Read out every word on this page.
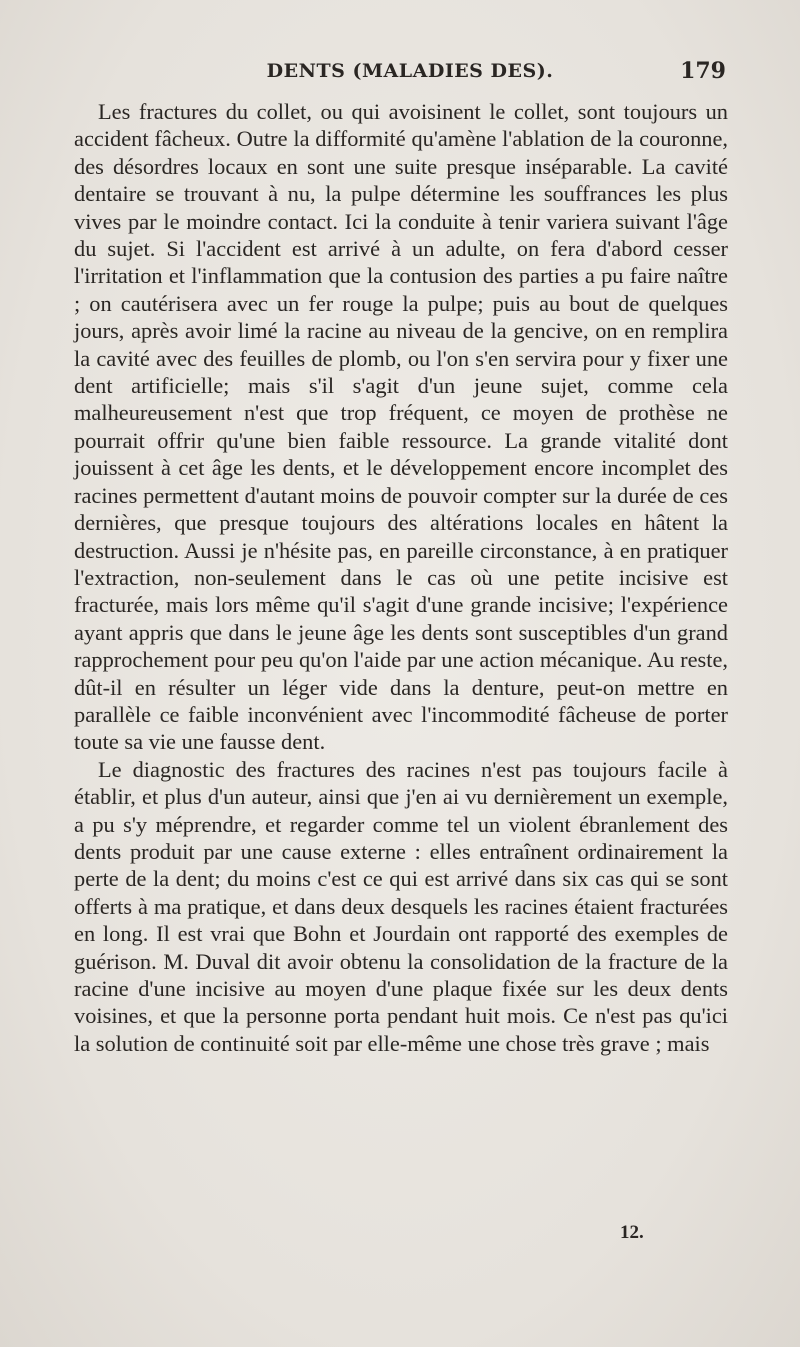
DENTS (MALADIES DES).	179

Les fractures du collet, ou qui avoisinent le collet, sont toujours un accident fâcheux. Outre la difformité qu'amène l'ablation de la couronne, des désordres locaux en sont une suite presque inséparable. La cavité dentaire se trouvant à nu, la pulpe détermine les souffrances les plus vives par le moindre contact. Ici la conduite à tenir variera suivant l'âge du sujet. Si l'accident est arrivé à un adulte, on fera d'abord cesser l'irritation et l'inflammation que la contusion des parties a pu faire naître ; on cautérisera avec un fer rouge la pulpe; puis au bout de quelques jours, après avoir limé la racine au niveau de la gencive, on en remplira la cavité avec des feuilles de plomb, ou l'on s'en servira pour y fixer une dent artificielle; mais s'il s'agit d'un jeune sujet, comme cela malheureusement n'est que trop fréquent, ce moyen de prothèse ne pourrait offrir qu'une bien faible ressource. La grande vitalité dont jouissent à cet âge les dents, et le développement encore incomplet des racines permettent d'autant moins de pouvoir compter sur la durée de ces dernières, que presque toujours des altérations locales en hâtent la destruction. Aussi je n'hésite pas, en pareille circonstance, à en pratiquer l'extraction, non-seulement dans le cas où une petite incisive est fracturée, mais lors même qu'il s'agit d'une grande incisive; l'expérience ayant appris que dans le jeune âge les dents sont susceptibles d'un grand rapprochement pour peu qu'on l'aide par une action mécanique. Au reste, dût-il en résulter un léger vide dans la denture, peut-on mettre en parallèle ce faible inconvénient avec l'incommodité fâcheuse de porter toute sa vie une fausse dent.

Le diagnostic des fractures des racines n'est pas toujours facile à établir, et plus d'un auteur, ainsi que j'en ai vu dernièrement un exemple, a pu s'y méprendre, et regarder comme tel un violent ébranlement des dents produit par une cause externe : elles entraînent ordinairement la perte de la dent; du moins c'est ce qui est arrivé dans six cas qui se sont offerts à ma pratique, et dans deux desquels les racines étaient fracturées en long. Il est vrai que Bohn et Jourdain ont rapporté des exemples de guérison. M. Duval dit avoir obtenu la consolidation de la fracture de la racine d'une incisive au moyen d'une plaque fixée sur les deux dents voisines, et que la personne porta pendant huit mois. Ce n'est pas qu'ici la solution de continuité soit par elle-même une chose très grave ; mais

12.
